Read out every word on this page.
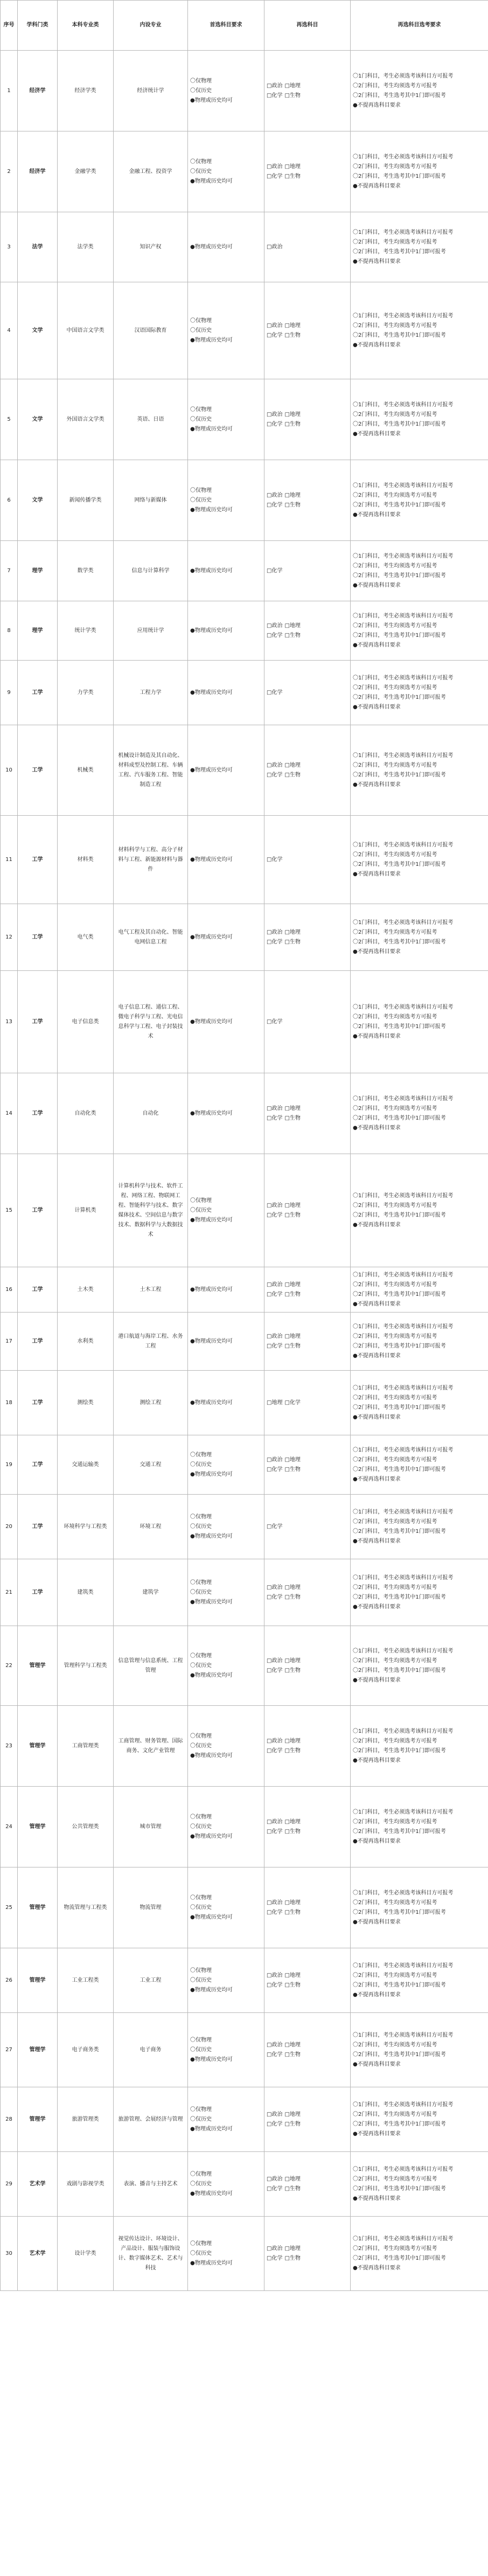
序号	学科门类	本科专业类	内设专业	首选科目要求	再选科目	再选科目选考要求
1	经济学	经济学类	经济统计学	〇仅物理
〇仅历史
●物理或历史均可	□政治 □地理
□化学 □生物	〇1门科目，考生必须选考该科目方可报考
〇2门科目，考生均须选考方可报考
〇2门科目，考生选考其中1门即可报考
●不提再选科目要求

2	经济学	金融学类	金融工程、投资学	〇仅物理
〇仅历史
●物理或历史均可	□政治 □地理
□化学 □生物	〇1门科目，考生必须选考该科目方可报考
〇2门科目，考生均须选考方可报考
〇2门科目，考生选考其中1门即可报考
●不提再选科目要求

3	法学	法学类	知识产权	●物理或历史均可	□政治	〇1门科目，考生必须选考该科目方可报考
〇2门科目，考生均须选考方可报考
〇2门科目，考生选考其中1门即可报考
●不提再选科目要求

4	文学	中国语言文学类	汉语国际教育	〇仅物理
〇仅历史
●物理或历史均可	□政治 □地理
□化学 □生物	〇1门科目，考生必须选考该科目方可报考
〇2门科目，考生均须选考方可报考
〇2门科目，考生选考其中1门即可报考
●不提再选科目要求

5	文学	外国语言文学类	英语、日语	〇仅物理
〇仅历史
●物理或历史均可	□政治 □地理
□化学 □生物	〇1门科目，考生必须选考该科目方可报考
〇2门科目，考生均须选考方可报考
〇2门科目，考生选考其中1门即可报考
●不提再选科目要求

6	文学	新闻传播学类	网络与新媒体	〇仅物理
〇仅历史
●物理或历史均可	□政治 □地理
□化学 □生物	〇1门科目，考生必须选考该科目方可报考
〇2门科目，考生均须选考方可报考
〇2门科目，考生选考其中1门即可报考
●不提再选科目要求

7	理学	数学类	信息与计算科学	●物理或历史均可	□化学	〇1门科目，考生必须选考该科目方可报考
〇2门科目，考生均须选考方可报考
〇2门科目，考生选考其中1门即可报考
●不提再选科目要求

8	理学	统计学类	应用统计学	●物理或历史均可	□政治 □地理
□化学 □生物	〇1门科目，考生必须选考该科目方可报考
〇2门科目，考生均须选考方可报考
〇2门科目，考生选考其中1门即可报考
●不提再选科目要求

9	工学	力学类	工程力学	●物理或历史均可	□化学	〇1门科目，考生必须选考该科目方可报考
〇2门科目，考生均须选考方可报考
〇2门科目，考生选考其中1门即可报考
●不提再选科目要求

10	工学	机械类	机械设计制造及其自动化、材料成型及控制工程、车辆工程、汽车服务工程、智能制造工程	●物理或历史均可	□政治 □地理
□化学 □生物	〇1门科目，考生必须选考该科目方可报考
〇2门科目，考生均须选考方可报考
〇2门科目，考生选考其中1门即可报考
●不提再选科目要求

11	工学	材料类	材料科学与工程、高分子材料与工程、新能源材料与器件	●物理或历史均可	□化学	〇1门科目，考生必须选考该科目方可报考
〇2门科目，考生均须选考方可报考
〇2门科目，考生选考其中1门即可报考
●不提再选科目要求

12	工学	电气类	电气工程及其自动化、智能电网信息工程	●物理或历史均可	□政治 □地理
□化学 □生物	〇1门科目，考生必须选考该科目方可报考
〇2门科目，考生均须选考方可报考
〇2门科目，考生选考其中1门即可报考
●不提再选科目要求

13	工学	电子信息类	电子信息工程、通信工程、微电子科学与工程、光电信息科学与工程、电子封装技术	●物理或历史均可	□化学	〇1门科目，考生必须选考该科目方可报考
〇2门科目，考生均须选考方可报考
〇2门科目，考生选考其中1门即可报考
●不提再选科目要求

14	工学	自动化类	自动化	●物理或历史均可	□政治 □地理
□化学 □生物	〇1门科目，考生必须选考该科目方可报考
〇2门科目，考生均须选考方可报考
〇2门科目，考生选考其中1门即可报考
●不提再选科目要求

15	工学	计算机类	计算机科学与技术、软件工程、网络工程、物联网工程、智能科学与技术、数字媒体技术、空间信息与数字技术、数据科学与大数据技术	〇仅物理
〇仅历史
●物理或历史均可	□政治 □地理
□化学 □生物	〇1门科目，考生必须选考该科目方可报考
〇2门科目，考生均须选考方可报考
〇2门科目，考生选考其中1门即可报考
●不提再选科目要求

16	工学	土木类	土木工程	●物理或历史均可	□政治 □地理
□化学 □生物	〇1门科目，考生必须选考该科目方可报考
〇2门科目，考生均须选考方可报考
〇2门科目，考生选考其中1门即可报考
●不提再选科目要求

17	工学	水利类	港口航道与海岸工程、水务工程	●物理或历史均可	□政治 □地理
□化学 □生物	〇1门科目，考生必须选考该科目方可报考
〇2门科目，考生均须选考方可报考
〇2门科目，考生选考其中1门即可报考
●不提再选科目要求

18	工学	测绘类	测绘工程	●物理或历史均可	□地理 □化学	〇1门科目，考生必须选考该科目方可报考
〇2门科目，考生均须选考方可报考
〇2门科目，考生选考其中1门即可报考
●不提再选科目要求

19	工学	交通运输类	交通工程	〇仅物理
〇仅历史
●物理或历史均可	□政治 □地理
□化学 □生物	〇1门科目，考生必须选考该科目方可报考
〇2门科目，考生均须选考方可报考
〇2门科目，考生选考其中1门即可报考
●不提再选科目要求

20	工学	环境科学与工程类	环境工程	〇仅物理
〇仅历史
●物理或历史均可	□化学	〇1门科目，考生必须选考该科目方可报考
〇2门科目，考生均须选考方可报考
〇2门科目，考生选考其中1门即可报考
●不提再选科目要求

21	工学	建筑类	建筑学	〇仅物理
〇仅历史
●物理或历史均可	□政治 □地理
□化学 □生物	〇1门科目，考生必须选考该科目方可报考
〇2门科目，考生均须选考方可报考
〇2门科目，考生选考其中1门即可报考
●不提再选科目要求

22	管理学	管理科学与工程类	信息管理与信息系统、工程管理	〇仅物理
〇仅历史
●物理或历史均可	□政治 □地理
□化学 □生物	〇1门科目，考生必须选考该科目方可报考
〇2门科目，考生均须选考方可报考
〇2门科目，考生选考其中1门即可报考
●不提再选科目要求

23	管理学	工商管理类	工商管理、财务管理、国际商务、文化产业管理	〇仅物理
〇仅历史
●物理或历史均可	□政治 □地理
□化学 □生物	〇1门科目，考生必须选考该科目方可报考
〇2门科目，考生均须选考方可报考
〇2门科目，考生选考其中1门即可报考
●不提再选科目要求

24	管理学	公共管理类	城市管理	〇仅物理
〇仅历史
●物理或历史均可	□政治 □地理
□化学 □生物	〇1门科目，考生必须选考该科目方可报考
〇2门科目，考生均须选考方可报考
〇2门科目，考生选考其中1门即可报考
●不提再选科目要求

25	管理学	物流管理与工程类	物流管理	〇仅物理
〇仅历史
●物理或历史均可	□政治 □地理
□化学 □生物	〇1门科目，考生必须选考该科目方可报考
〇2门科目，考生均须选考方可报考
〇2门科目，考生选考其中1门即可报考
●不提再选科目要求

26	管理学	工业工程类	工业工程	〇仅物理
〇仅历史
●物理或历史均可	□政治 □地理
□化学 □生物	〇1门科目，考生必须选考该科目方可报考
〇2门科目，考生均须选考方可报考
〇2门科目，考生选考其中1门即可报考
●不提再选科目要求

27	管理学	电子商务类	电子商务	〇仅物理
〇仅历史
●物理或历史均可	□政治 □地理
□化学 □生物	〇1门科目，考生必须选考该科目方可报考
〇2门科目，考生均须选考方可报考
〇2门科目，考生选考其中1门即可报考
●不提再选科目要求

28	管理学	旅游管理类	旅游管理、会展经济与管理	〇仅物理
〇仅历史
●物理或历史均可	□政治 □地理
□化学 □生物	〇1门科目，考生必须选考该科目方可报考
〇2门科目，考生均须选考方可报考
〇2门科目，考生选考其中1门即可报考
●不提再选科目要求

29	艺术学	戏剧与影视学类	表演、播音与主持艺术	〇仅物理
〇仅历史
●物理或历史均可	□政治 □地理
□化学 □生物	〇1门科目，考生必须选考该科目方可报考
〇2门科目，考生均须选考方可报考
〇2门科目，考生选考其中1门即可报考
●不提再选科目要求

30	艺术学	设计学类	视觉传达设计、环境设计、产品设计、服装与服饰设计、数字媒体艺术、艺术与科技	〇仅物理
〇仅历史
●物理或历史均可	□政治 □地理
□化学 □生物	〇1门科目，考生必须选考该科目方可报考
〇2门科目，考生均须选考方可报考
〇2门科目，考生选考其中1门即可报考
●不提再选科目要求
